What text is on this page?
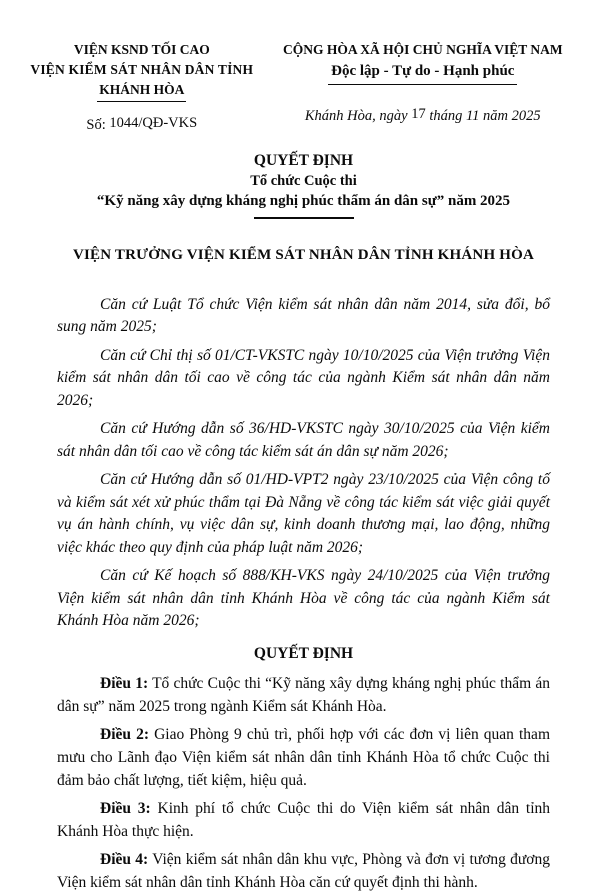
VIỆN KSND TỐI CAO
VIỆN KIỂM SÁT NHÂN DÂN TỈNH
KHÁNH HÒA
Số: 1044/QĐ-VKS
CỘNG HÒA XÃ HỘI CHỦ NGHĨA VIỆT NAM
Độc lập - Tự do - Hạnh phúc
Khánh Hòa, ngày 17 tháng 11 năm 2025
QUYẾT ĐỊNH
Tổ chức Cuộc thi
“Kỹ năng xây dựng kháng nghị phúc thẩm án dân sự” năm 2025
VIỆN TRƯỞNG VIỆN KIỂM SÁT NHÂN DÂN TỈNH KHÁNH HÒA

Căn cứ Luật Tổ chức Viện kiểm sát nhân dân năm 2014, sửa đổi, bổ sung năm 2025;

Căn cứ Chỉ thị số 01/CT-VKSTC ngày 10/10/2025 của Viện trưởng Viện kiểm sát nhân dân tối cao về công tác của ngành Kiểm sát nhân dân năm 2026;

Căn cứ Hướng dẫn số 36/HD-VKSTC ngày 30/10/2025 của Viện kiểm sát nhân dân tối cao về công tác kiểm sát án dân sự năm 2026;

Căn cứ Hướng dẫn số 01/HD-VPT2 ngày 23/10/2025 của Viện công tố và kiểm sát xét xử phúc thẩm tại Đà Nẵng về công tác kiểm sát việc giải quyết vụ án hành chính, vụ việc dân sự, kinh doanh thương mại, lao động, những việc khác theo quy định của pháp luật năm 2026;

Căn cứ Kế hoạch số 888/KH-VKS ngày 24/10/2025 của Viện trưởng Viện kiểm sát nhân dân tỉnh Khánh Hòa về công tác của ngành Kiểm sát Khánh Hòa năm 2026;

QUYẾT ĐỊNH

Điều 1: Tổ chức Cuộc thi “Kỹ năng xây dựng kháng nghị phúc thẩm án dân sự” năm 2025 trong ngành Kiểm sát Khánh Hòa.

Điều 2: Giao Phòng 9 chủ trì, phối hợp với các đơn vị liên quan tham mưu cho Lãnh đạo Viện kiểm sát nhân dân tỉnh Khánh Hòa tổ chức Cuộc thi đảm bảo chất lượng, tiết kiệm, hiệu quả.

Điều 3: Kinh phí tổ chức Cuộc thi do Viện kiểm sát nhân dân tỉnh Khánh Hòa thực hiện.

Điều 4: Viện kiểm sát nhân dân khu vực, Phòng và đơn vị tương đương Viện kiểm sát nhân dân tỉnh Khánh Hòa căn cứ quyết định thi hành.
